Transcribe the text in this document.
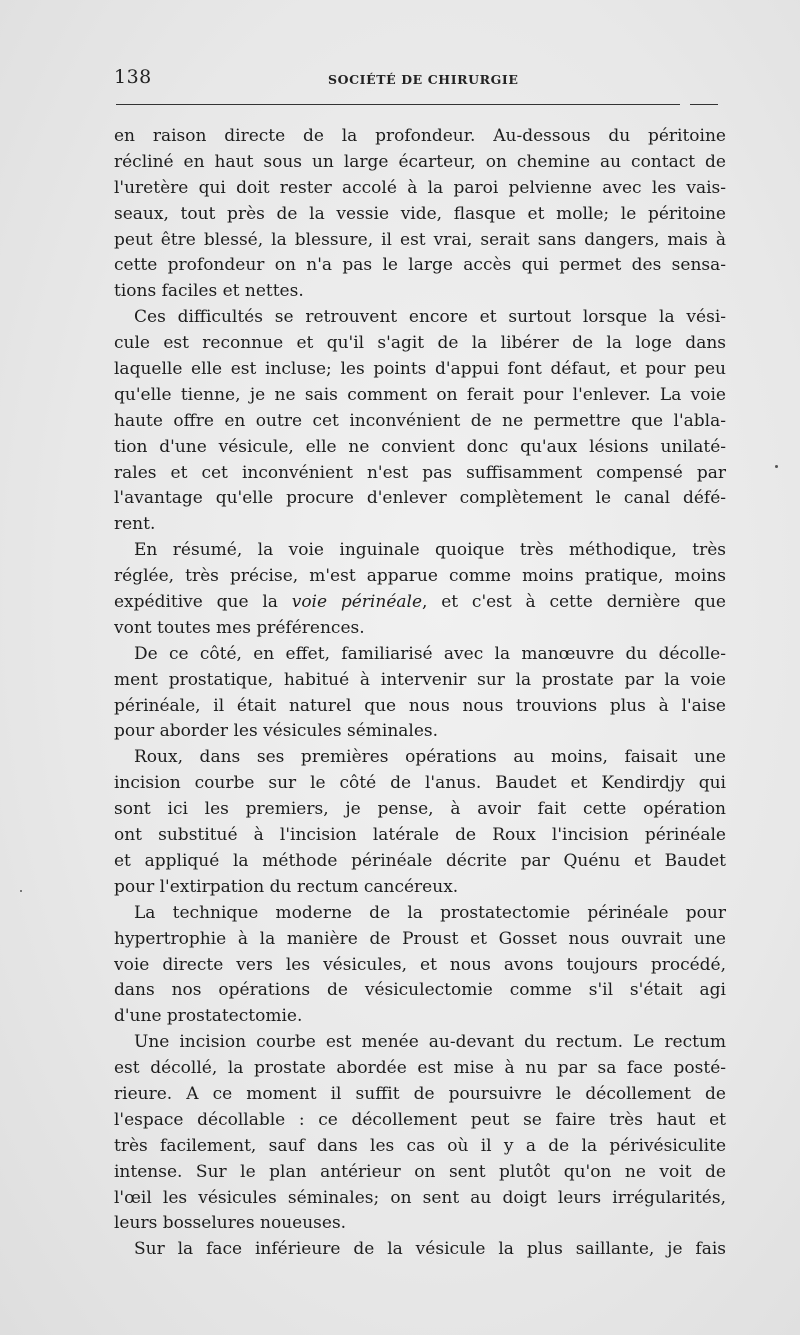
138	SOCIÉTÉ DE CHIRURGIE
en raison directe de la profondeur. Au-dessous du péritoine
récliné en haut sous un large écarteur, on chemine au contact de
l'uretère qui doit rester accolé à la paroi pelvienne avec les vais-
seaux, tout près de la vessie vide, flasque et molle; le péritoine
peut être blessé, la blessure, il est vrai, serait sans dangers, mais à
cette profondeur on n'a pas le large accès qui permet des sensa-
tions faciles et nettes.
Ces difficultés se retrouvent encore et surtout lorsque la vési-
cule est reconnue et qu'il s'agit de la libérer de la loge dans
laquelle elle est incluse; les points d'appui font défaut, et pour peu
qu'elle tienne, je ne sais comment on ferait pour l'enlever. La voie
haute offre en outre cet inconvénient de ne permettre que l'abla-
tion d'une vésicule, elle ne convient donc qu'aux lésions unilaté-
rales et cet inconvénient n'est pas suffisamment compensé par
l'avantage qu'elle procure d'enlever complètement le canal défé-
rent.
En résumé, la voie inguinale quoique très méthodique, très
réglée, très précise, m'est apparue comme moins pratique, moins
expéditive que la voie périnéale, et c'est à cette dernière que
vont toutes mes préférences.
De ce côté, en effet, familiarisé avec la manœuvre du décolle-
ment prostatique, habitué à intervenir sur la prostate par la voie
périnéale, il était naturel que nous nous trouvions plus à l'aise
pour aborder les vésicules séminales.
Roux, dans ses premières opérations au moins, faisait une
incision courbe sur le côté de l'anus. Baudet et Kendirdjy qui
sont ici les premiers, je pense, à avoir fait cette opération
ont substitué à l'incision latérale de Roux l'incision périnéale
et appliqué la méthode périnéale décrite par Quénu et Baudet
pour l'extirpation du rectum cancéreux.
La technique moderne de la prostatectomie périnéale pour
hypertrophie à la manière de Proust et Gosset nous ouvrait une
voie directe vers les vésicules, et nous avons toujours procédé,
dans nos opérations de vésiculectomie comme s'il s'était agi
d'une prostatectomie.
Une incision courbe est menée au-devant du rectum. Le rectum
est décollé, la prostate abordée est mise à nu par sa face posté-
rieure. A ce moment il suffit de poursuivre le décollement de
l'espace décollable : ce décollement peut se faire très haut et
très facilement, sauf dans les cas où il y a de la périvésiculite
intense. Sur le plan antérieur on sent plutôt qu'on ne voit de
l'œil les vésicules séminales; on sent au doigt leurs irrégularités,
leurs bosselures noueuses.
Sur la face inférieure de la vésicule la plus saillante, je fais
